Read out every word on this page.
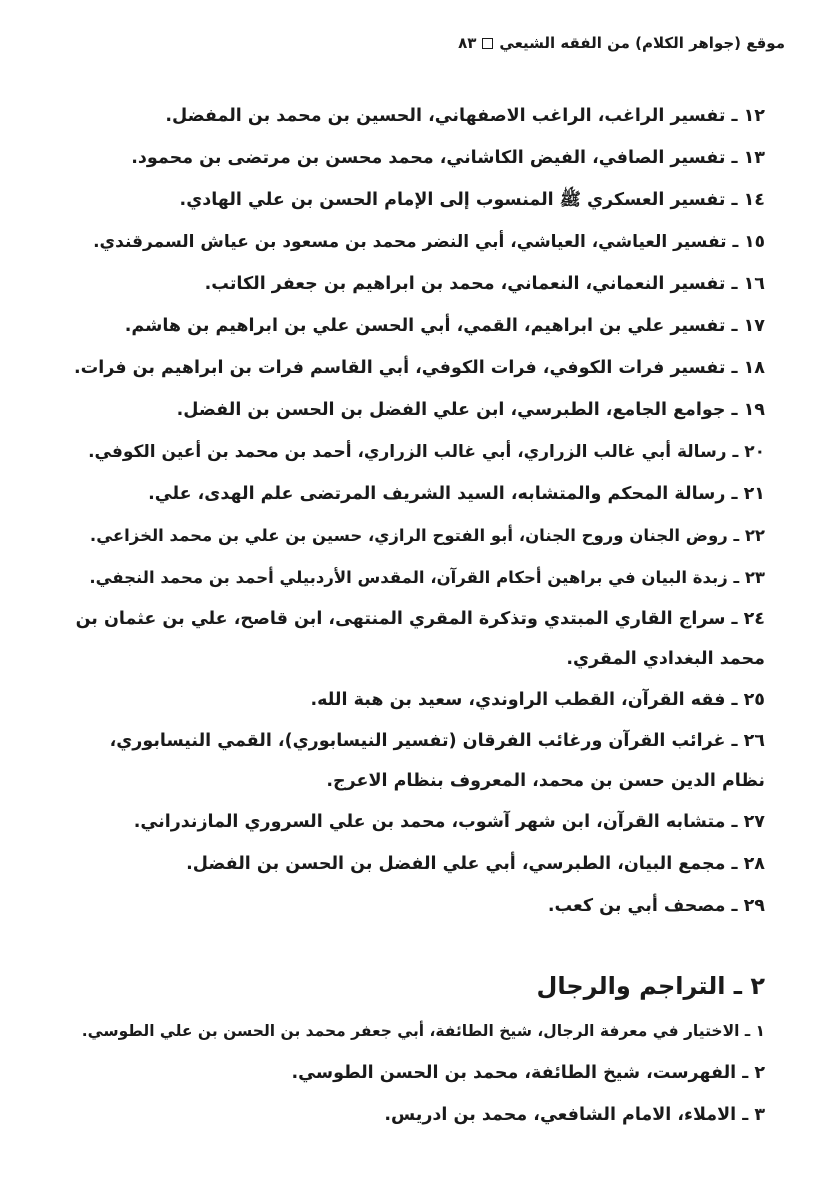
موقع (جواهر الكلام) من الفقه الشيعي
٨٣

١٢ ـ تفسير الراغب، الراغب الاصفهاني، الحسين بن محمد بن المفضل.

١٣ ـ تفسير الصافي، الفيض الكاشاني، محمد محسن بن مرتضى بن محمود.

١٤ ـ تفسير العسكري ﷺ المنسوب إلى الإمام الحسن بن علي الهادي.

١٥ ـ تفسير العياشي، العياشي، أبي النضر محمد بن مسعود بن عياش السمرقندي.

١٦ ـ تفسير النعماني، النعماني، محمد بن ابراهيم بن جعفر الكاتب.

١٧ ـ تفسير علي بن ابراهيم، القمي، أبي الحسن علي بن ابراهيم بن هاشم.

١٨ ـ تفسير فرات الكوفي، فرات الكوفي، أبي القاسم فرات بن ابراهيم بن فرات.

١٩ ـ جوامع الجامع، الطبرسي، ابن علي الفضل بن الحسن بن الفضل.

٢٠ ـ رسالة أبي غالب الزراري، أبي غالب الزراري، أحمد بن محمد بن أعين الكوفي.

٢١ ـ رسالة المحكم والمتشابه، السيد الشريف المرتضى علم الهدى، علي.

٢٢ ـ روض الجنان وروح الجنان، أبو الفتوح الرازي، حسين بن علي بن محمد الخزاعي.

٢٣ ـ زبدة البيان في براهين أحكام القرآن، المقدس الأردبيلي أحمد بن محمد النجفي.

٢٤ ـ سراج القاري المبتدي وتذكرة المقري المنتهى، ابن قاصح، علي بن عثمان بن محمد البغدادي المقري.

٢٥ ـ فقه القرآن، القطب الراوندي، سعيد بن هبة الله.

٢٦ ـ غرائب القرآن ورغائب الفرقان (تفسير النيسابوري)، القمي النيسابوري، نظام الدين حسن بن محمد، المعروف بنظام الاعرج.

٢٧ ـ متشابه القرآن، ابن شهر آشوب، محمد بن علي السروري المازندراني.

٢٨ ـ مجمع البيان، الطبرسي، أبي علي الفضل بن الحسن بن الفضل.

٢٩ ـ مصحف أبي بن كعب.

٢ ـ التراجم والرجال

١ ـ الاختيار في معرفة الرجال، شيخ الطائفة، أبي جعفر محمد بن الحسن بن علي الطوسي.

٢ ـ الفهرست، شيخ الطائفة، محمد بن الحسن الطوسي.

٣ ـ الاملاء، الامام الشافعي، محمد بن ادريس.
